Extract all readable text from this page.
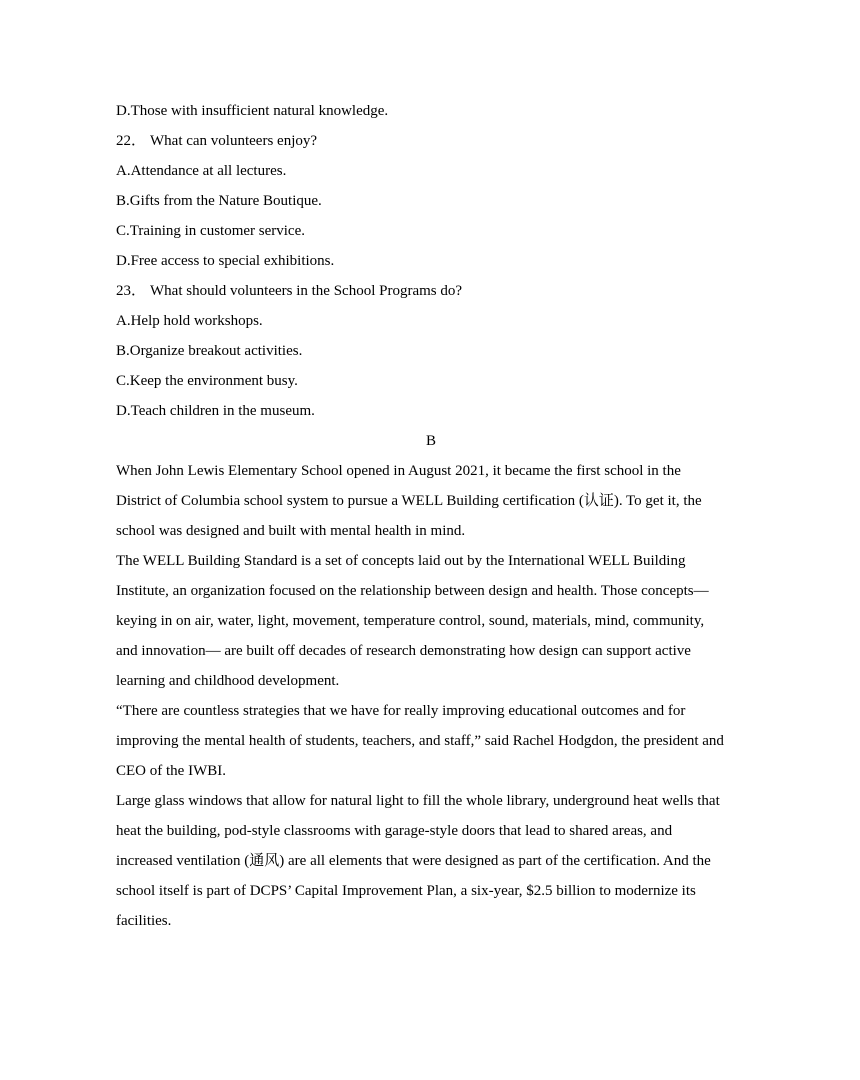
D.Those with insufficient natural knowledge.
22． What can volunteers enjoy?
A.Attendance at all lectures.
B.Gifts from the Nature Boutique.
C.Training in customer service.
D.Free access to special exhibitions.
23． What should volunteers in the School Programs do?
A.Help hold workshops.
B.Organize breakout activities.
C.Keep the environment busy.
D.Teach children in the museum.
B
When John Lewis Elementary School opened in August 2021, it became the first school in the
District of Columbia school system to pursue a WELL Building certification (认证). To get it, the
school was designed and built with mental health in mind.
The WELL Building Standard is a set of concepts laid out by the International WELL Building
Institute, an organization focused on the relationship between design and health. Those concepts—
keying in on air, water, light, movement, temperature control, sound, materials, mind, community,
and innovation— are built off decades of research demonstrating how design can support active
learning and childhood development.
“There are countless strategies that we have for really improving educational outcomes and for
improving the mental health of students, teachers, and staff,” said Rachel Hodgdon, the president and
CEO of the IWBI.
Large glass windows that allow for natural light to fill the whole library, underground heat wells that
heat the building, pod-style classrooms with garage-style doors that lead to shared areas, and
increased ventilation (通风) are all elements that were designed as part of the certification. And the
school itself is part of DCPS’ Capital Improvement Plan, a six-year, $2.5 billion to modernize its
facilities.
